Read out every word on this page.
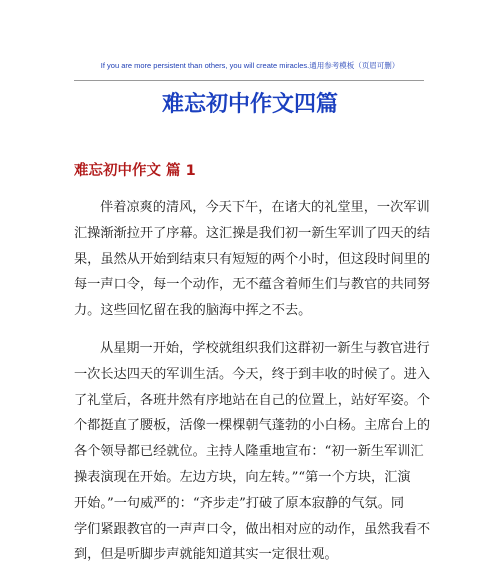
If you are more persistent than others, you will create miracles.通用参考模板（页眉可删）
难忘初中作文四篇
难忘初中作文 篇 1
伴着凉爽的清风，今天下午，在诸大的礼堂里，一次军训
汇操渐渐拉开了序幕。这汇操是我们初一新生军训了四天的结
果，虽然从开始到结束只有短短的两个小时，但这段时间里的
每一声口令，每一个动作，无不蕴含着师生们与教官的共同努
力。这些回忆留在我的脑海中挥之不去。
从星期一开始，学校就组织我们这群初一新生与教官进行
一次长达四天的军训生活。今天，终于到丰收的时候了。进入
了礼堂后，各班井然有序地站在自己的位置上，站好军姿。个
个都挺直了腰板，活像一棵棵朝气蓬勃的小白杨。主席台上的
各个领导都已经就位。主持人隆重地宣布：“初一新生军训汇
操表演现在开始。左边方块，向左转。”“第一个方块，汇演
开始。”一句威严的：“齐步走”打破了原本寂静的气氛。同
学们紧跟教官的一声声口令，做出相对应的动作，虽然我看不
到，但是听脚步声就能知道其实一定很壮观。
